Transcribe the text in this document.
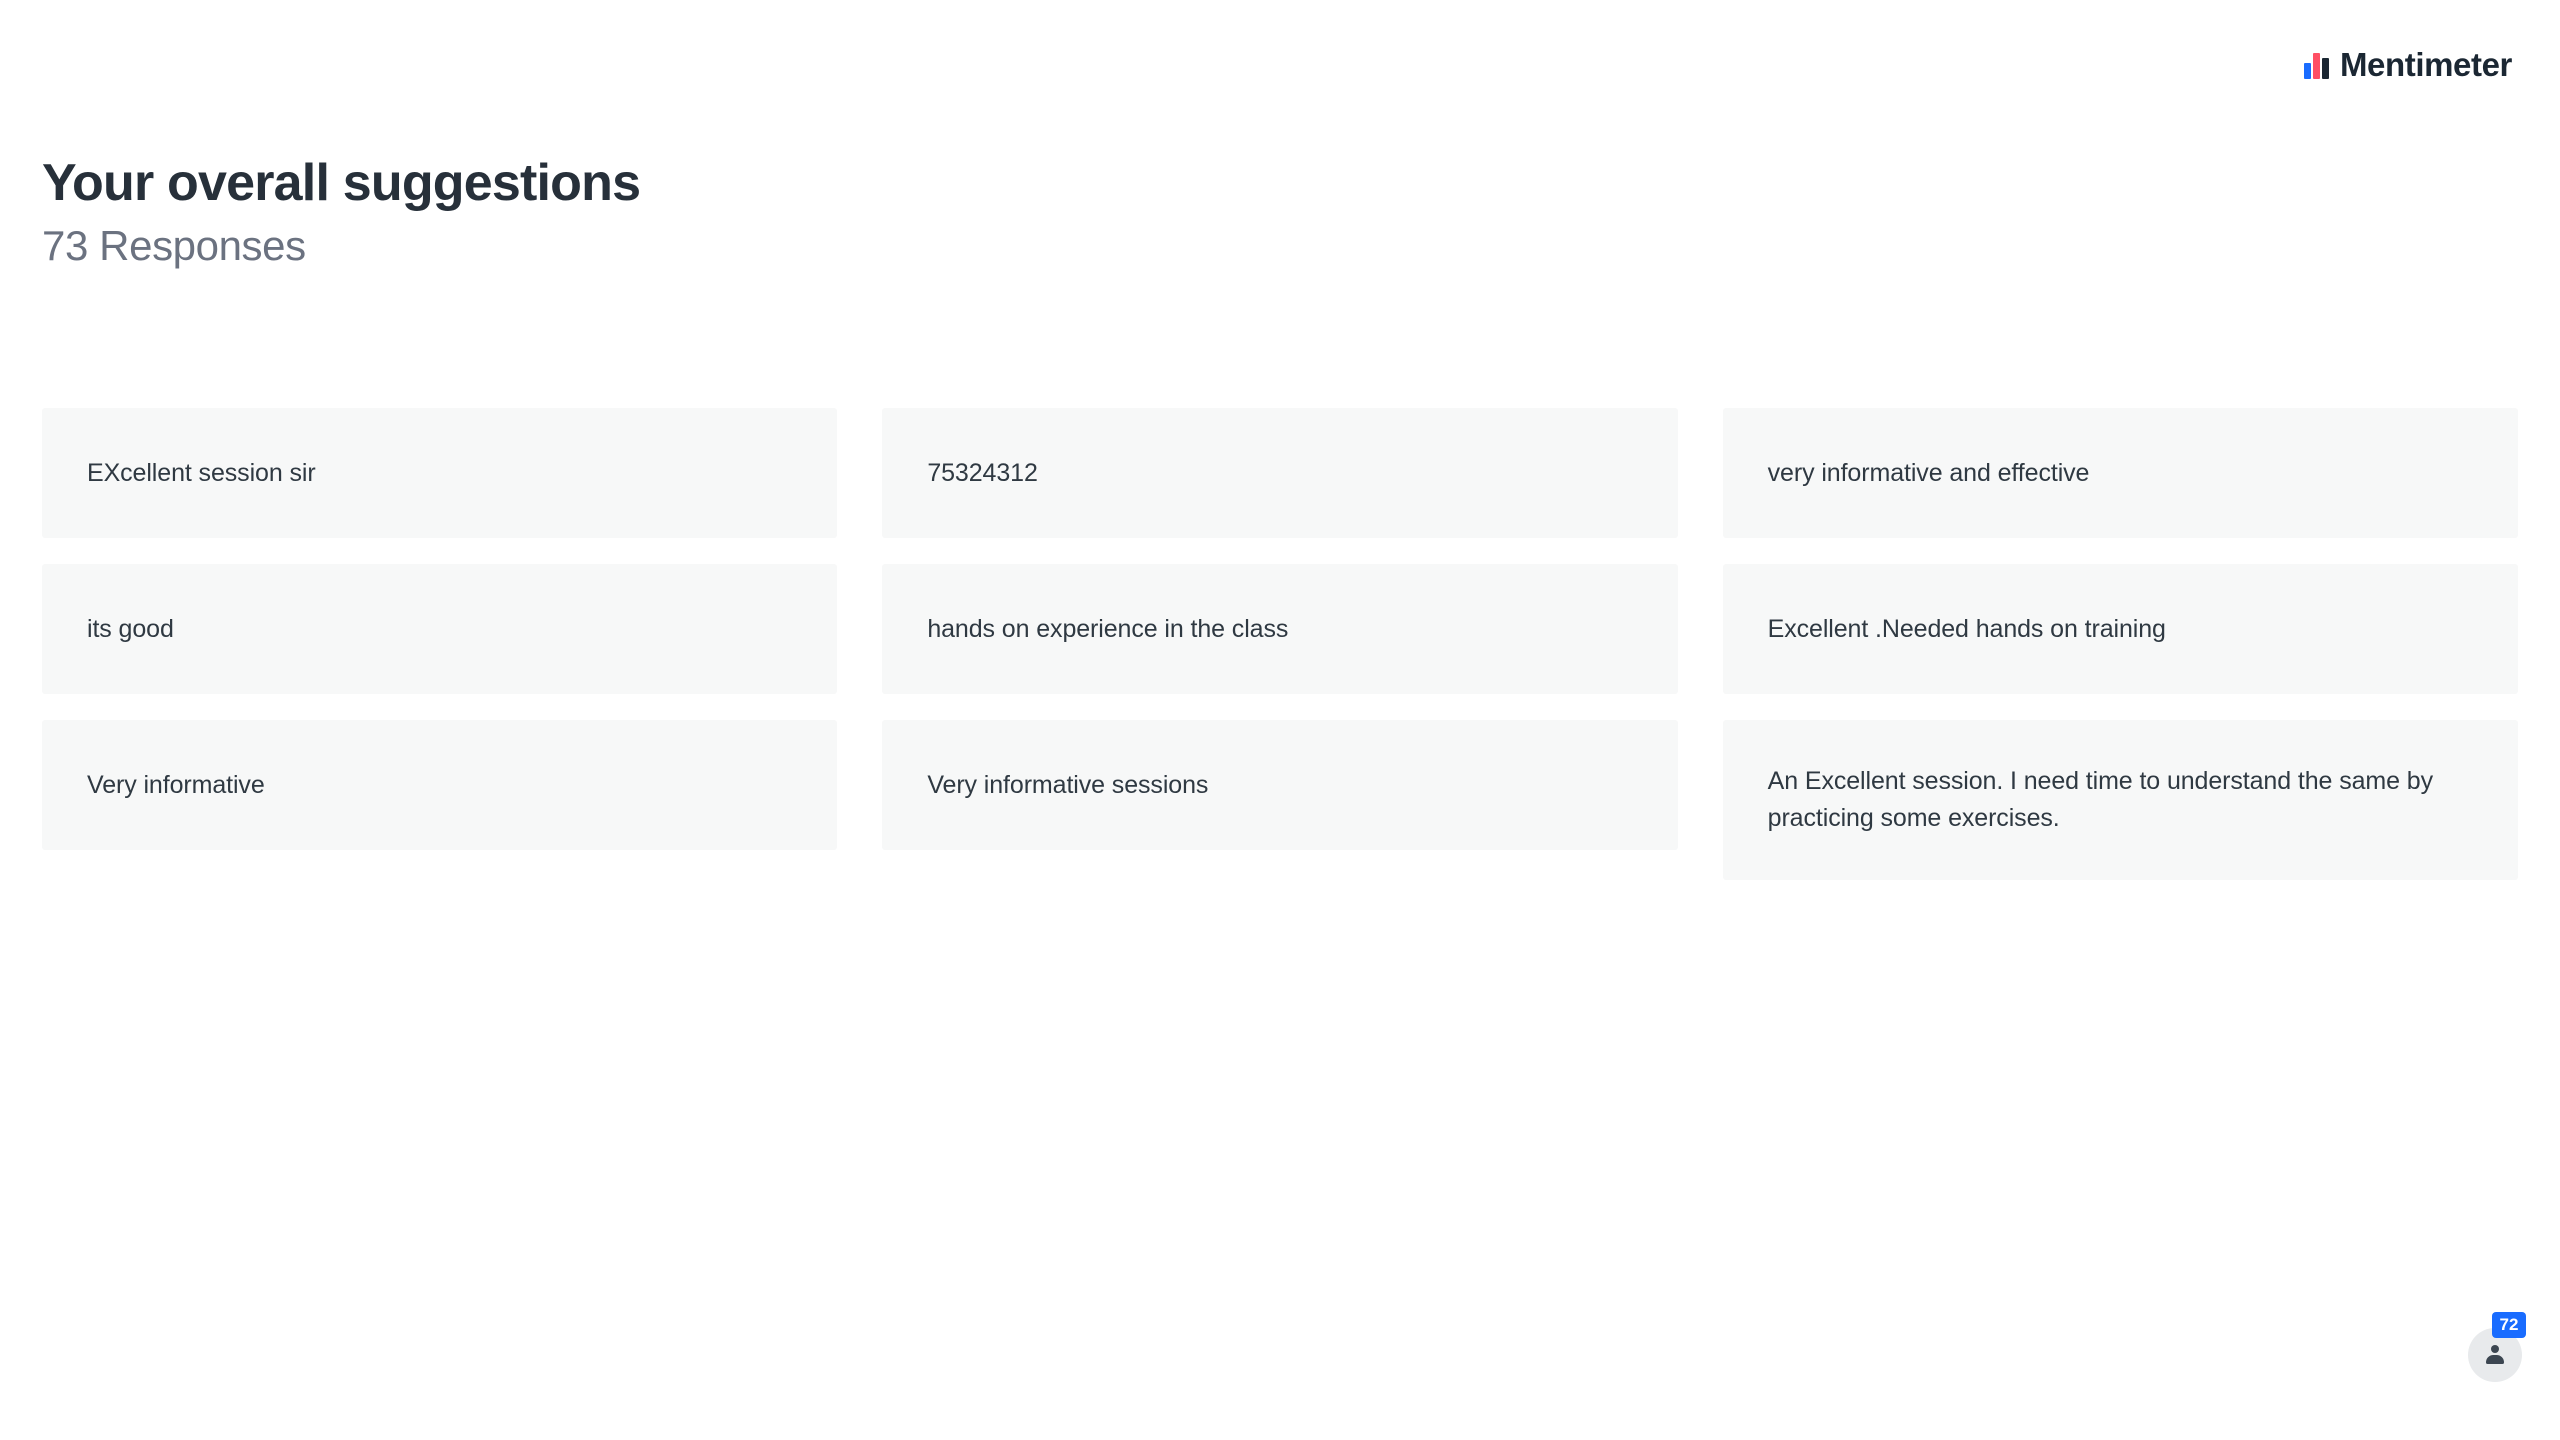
Mentimeter
Your overall suggestions
73 Responses
EXcellent session sir	75324312	very informative and effective
its good	hands on experience in the class	Excellent .Needed hands on training
Very informative	Very informative sessions	An Excellent session. I need time to understand the same by practicing some exercises.
72
